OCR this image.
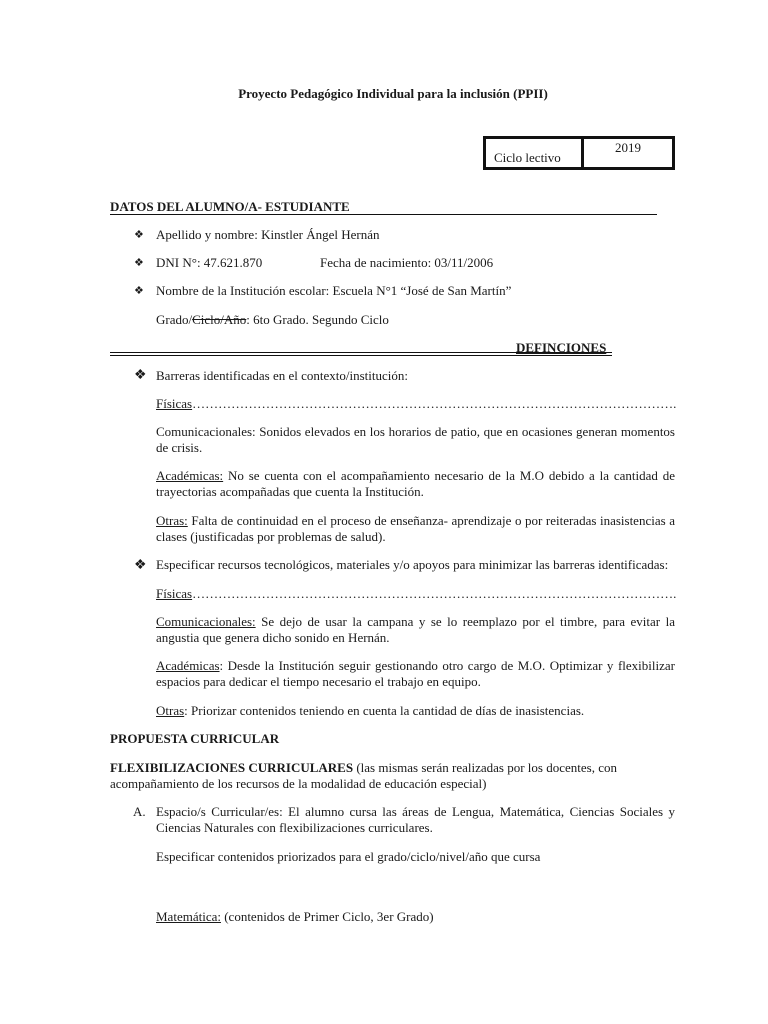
Proyecto Pedagógico Individual para la inclusión (PPII)
Ciclo lectivo
2019
DATOS DEL ALUMNO/A- ESTUDIANTE
❖ Apellido y nombre: Kinstler Ángel Hernán
❖ DNI N°: 47.621.870	Fecha de nacimiento: 03/11/2006
❖ Nombre de la Institución escolar: Escuela N°1 “José de San Martín”
Grado/Ciclo/Año: 6to Grado. Segundo Ciclo
DEFINCIONES
❖ Barreras identificadas en el contexto/institución:
Físicas………………………………………………………………………………………………….
Comunicacionales: Sonidos elevados en los horarios de patio, que en ocasiones generan momentos de crisis.
Académicas: No se cuenta con el acompañamiento necesario de la M.O debido a la cantidad de trayectorias acompañadas que cuenta la Institución.
Otras: Falta de continuidad en el proceso de enseñanza- aprendizaje o por reiteradas inasistencias a clases (justificadas por problemas de salud).
❖ Especificar recursos tecnológicos, materiales y/o apoyos para minimizar las barreras identificadas:
Físicas………………………………………………………………………………………………….
Comunicacionales: Se dejo de usar la campana y se lo reemplazo por el timbre, para evitar la angustia que genera dicho sonido en Hernán.
Académicas: Desde la Institución seguir gestionando otro cargo de M.O. Optimizar y flexibilizar espacios para dedicar el tiempo necesario el trabajo en equipo.
Otras: Priorizar contenidos teniendo en cuenta la cantidad de días de inasistencias.
PROPUESTA CURRICULAR
FLEXIBILIZACIONES CURRICULARES (las mismas serán realizadas por los docentes, con acompañamiento de los recursos de la modalidad de educación especial)
A. Espacio/s Curricular/es: El alumno cursa las áreas de Lengua, Matemática, Ciencias Sociales y Ciencias Naturales con flexibilizaciones curriculares.
Especificar contenidos priorizados para el grado/ciclo/nivel/año que cursa
Matemática: (contenidos de Primer Ciclo, 3er Grado)
